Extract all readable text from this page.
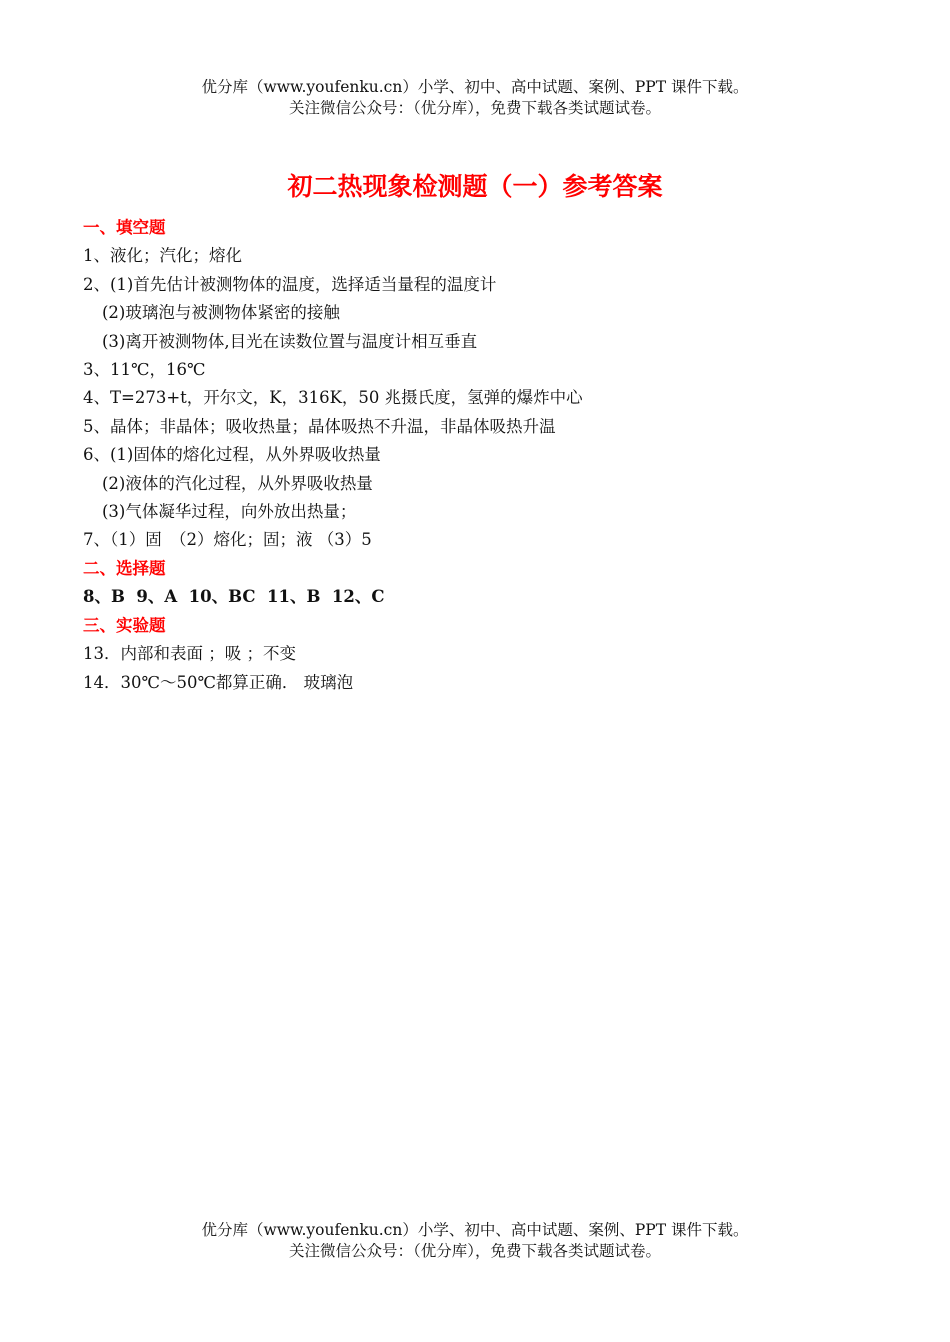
优分库（www.youfenku.cn）小学、初中、高中试题、案例、PPT 课件下载。
关注微信公众号：（优分库），免费下载各类试题试卷。
初二热现象检测题（一）参考答案
一、填空题
1、液化；汽化；熔化
2、(1)首先估计被测物体的温度，选择适当量程的温度计
(2)玻璃泡与被测物体紧密的接触
(3)离开被测物体,目光在读数位置与温度计相互垂直
3、11℃，16℃
4、T=273+t，开尔文，K，316K，50 兆摄氏度，氢弹的爆炸中心
5、晶体；非晶体；吸收热量；晶体吸热不升温，非晶体吸热升温
6、(1)固体的熔化过程，从外界吸收热量
(2)液体的汽化过程，从外界吸收热量
(3)气体凝华过程，向外放出热量；
7、（1）固　（2）熔化；固；液 （3）5
二、选择题
8、B  9、A  10、BC  11、B  12、C
三、实验题
13．内部和表面 ；吸 ；不变
14．30℃～50℃都算正确． 玻璃泡
优分库（www.youfenku.cn）小学、初中、高中试题、案例、PPT 课件下载。
关注微信公众号：（优分库），免费下载各类试题试卷。
